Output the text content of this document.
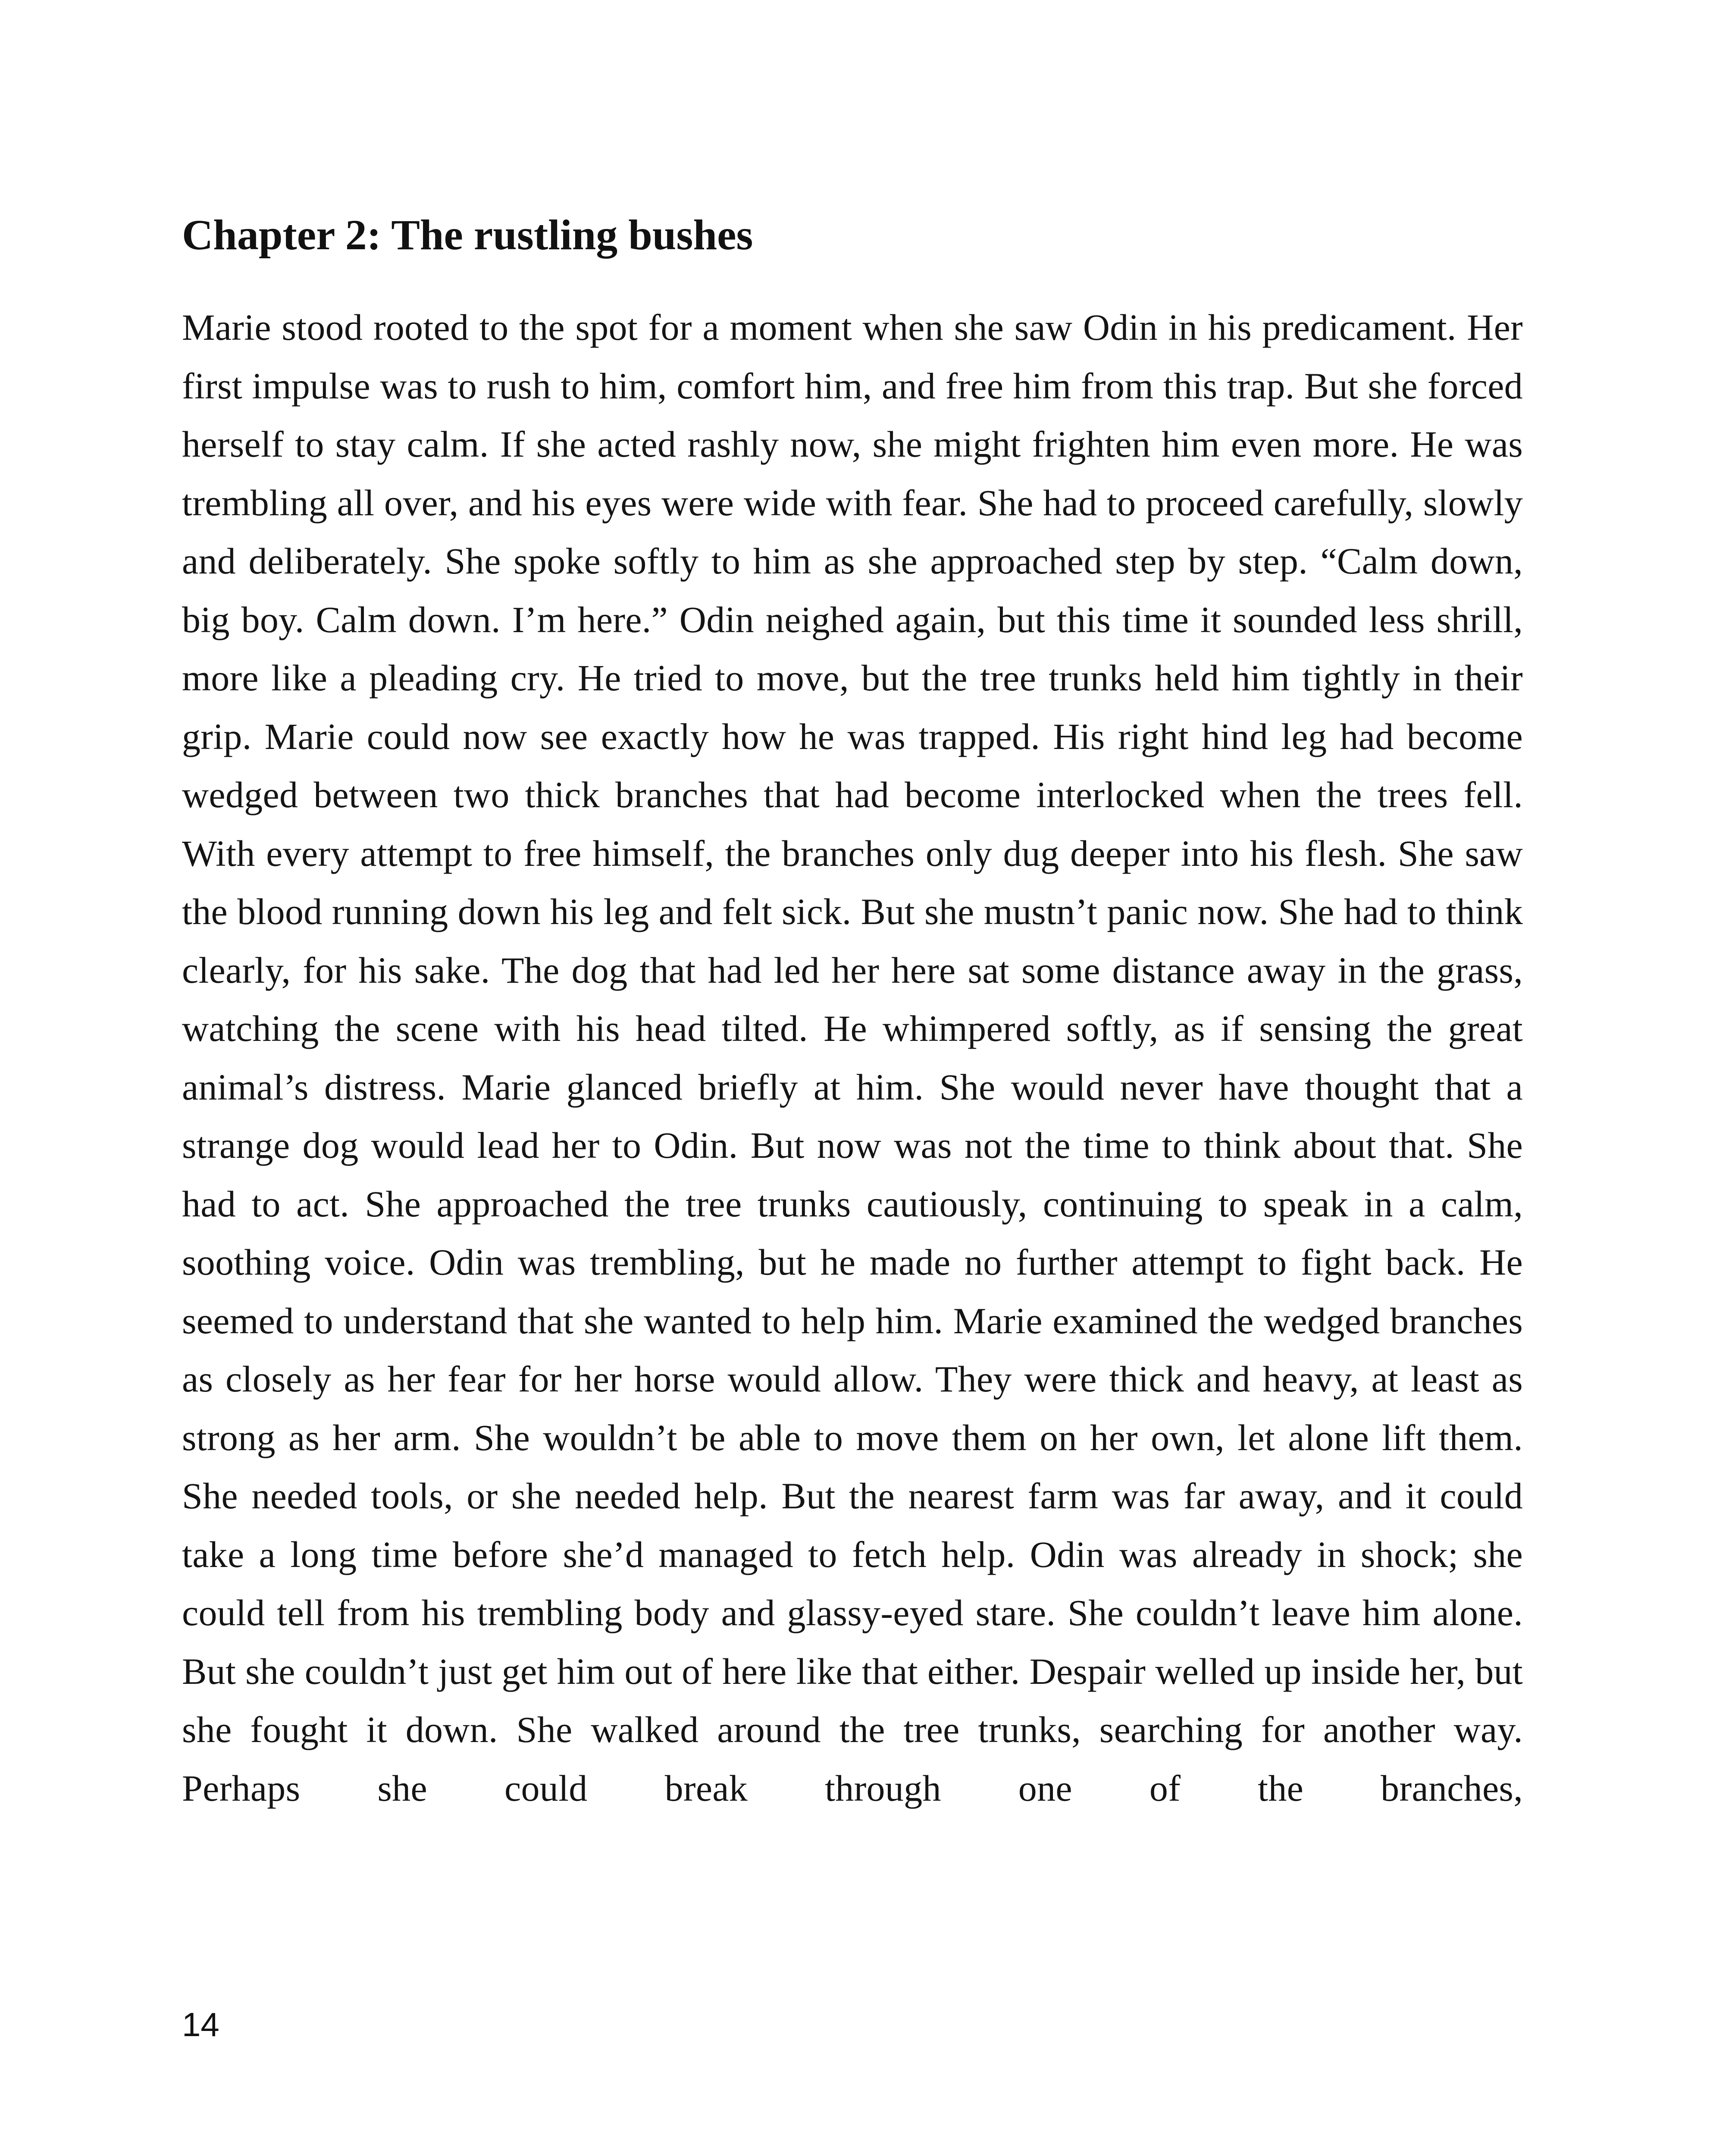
Chapter 2: The rustling bushes

Marie stood rooted to the spot for a moment when she saw Odin in his predicament. Her first impulse was to rush to him, comfort him, and free him from this trap. But she forced herself to stay calm. If she acted rashly now, she might frighten him even more. He was trembling all over, and his eyes were wide with fear. She had to proceed carefully, slowly and deliberately. She spoke softly to him as she approached step by step. “Calm down, big boy. Calm down. I’m here.” Odin neighed again, but this time it sounded less shrill, more like a pleading cry. He tried to move, but the tree trunks held him tightly in their grip. Marie could now see exactly how he was trapped. His right hind leg had become wedged between two thick branches that had become interlocked when the trees fell. With every attempt to free himself, the branches only dug deeper into his flesh. She saw the blood running down his leg and felt sick. But she mustn’t panic now. She had to think clearly, for his sake. The dog that had led her here sat some distance away in the grass, watching the scene with his head tilted. He whimpered softly, as if sensing the great animal’s distress. Marie glanced briefly at him. She would never have thought that a strange dog would lead her to Odin. But now was not the time to think about that. She had to act. She approached the tree trunks cautiously, continuing to speak in a calm, soothing voice. Odin was trembling, but he made no further attempt to fight back. He seemed to understand that she wanted to help him. Marie examined the wedged branches as closely as her fear for her horse would allow. They were thick and heavy, at least as strong as her arm. She wouldn’t be able to move them on her own, let alone lift them. She needed tools, or she needed help. But the nearest farm was far away, and it could take a long time before she’d managed to fetch help. Odin was already in shock; she could tell from his trembling body and glassy-eyed stare. She couldn’t leave him alone. But she couldn’t just get him out of here like that either. Despair welled up inside her, but she fought it down. She walked around the tree trunks, searching for another way. Perhaps she could break through one of the branches,

14
